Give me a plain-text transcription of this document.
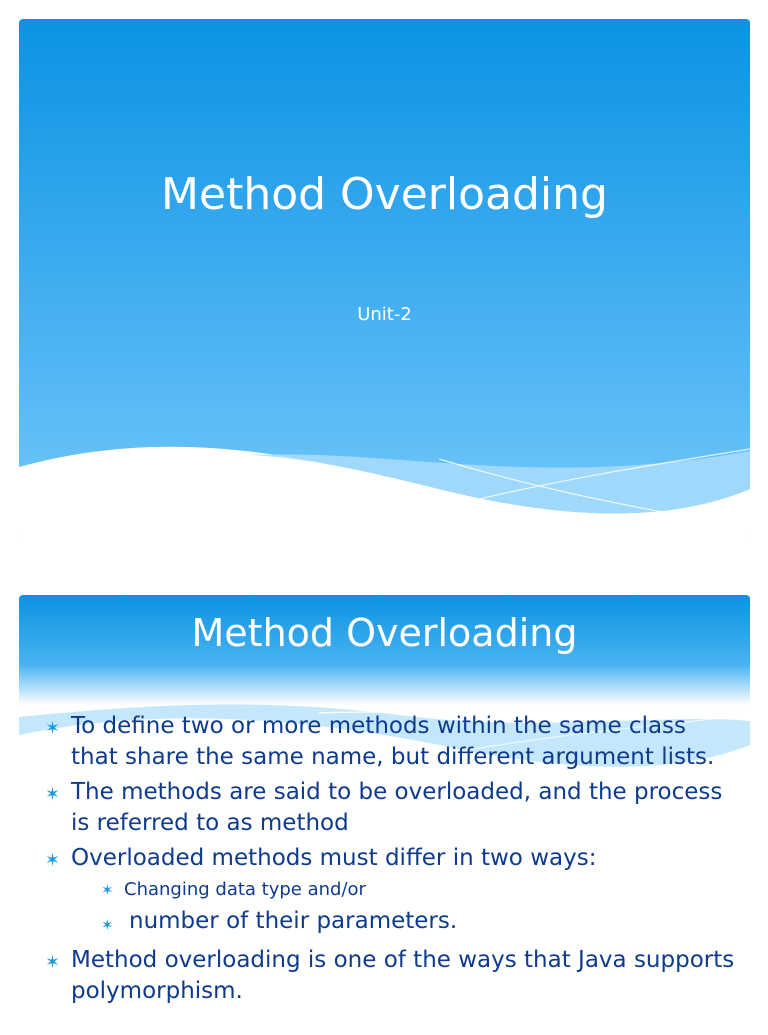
Method Overloading
Unit-2
Method Overloading
✶ To define two or more methods within the same class that share the same name, but different argument lists.
✶ The methods are said to be overloaded, and the process is referred to as method
✶ Overloaded methods must differ in two ways:
✶ Changing data type and/or
✶ number of their parameters.
✶ Method overloading is one of the ways that Java supports polymorphism.
